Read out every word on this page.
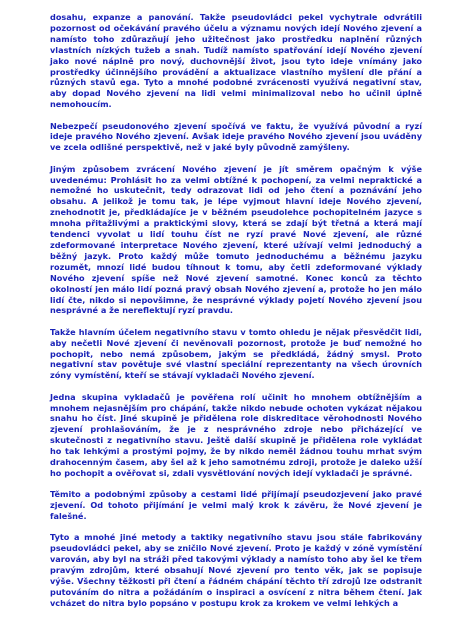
dosahu, expanze a panování. Takže pseudovládci pekel vychytrale odvrátili pozornost od očekávání pravého účelu a významu nových idejí Nového zjevení a namísto toho zdůrazňují jeho užitečnost jako prostředku naplnění různých vlastních nízkých tužeb a snah. Tudíž namísto spatřování idejí Nového zjevení jako nové náplně pro nový, duchovnější život, jsou tyto ideje vnímány jako prostředky účinnějšího provádění a aktualizace vlastního myšlení dle přání a různých stavů ega. Tyto a mnohé podobné zvrácenosti využívá negativní stav, aby dopad Nového zjevení na lidi velmi minimalizoval nebo ho učinil úplně nemohoucím.

Nebezpečí pseudonového zjevení spočívá ve faktu, že využívá původní a ryzí ideje pravého Nového zjevení. Avšak ideje pravého Nového zjevení jsou uváděny ve zcela odlišné perspektivě, než v jaké byly původně zamýšleny.

Jiným způsobem zvrácení Nového zjevení je jít směrem opačným k výše uvedenému: Prohlásit ho za velmi obtížné k pochopení, za velmi nepraktické a nemožné ho uskutečnit, tedy odrazovat lidi od jeho čtení a poznávání jeho obsahu. A jelikož je tomu tak, je lépe vyjmout hlavní ideje Nového zjevení, znehodnotit je, předkládajíce je v běžném pseudolehce pochopitelném jazyce s mnoha přitažlivými a praktickými slovy, která se zdají být třetná a která mají tendenci vyvolat u lidí touhu číst ne ryzí pravé Nové zjevení, ale různé zdeformované interpretace Nového zjevení, které užívají velmi jednoduchý a běžný jazyk. Proto každý může tomuto jednoduchému a běžnému jazyku rozumět, mnozí lidé budou tíhnout k tomu, aby četli zdeformované výklady Nového zjevení spíše než Nové zjevení samotné. Konec konců za těchto okolností jen málo lidí pozná pravý obsah Nového zjevení a, protože ho jen málo lidí čte, nikdo si nepovšimne, že nesprávné výklady pojetí Nového zjevení jsou nesprávné a že nereflektují ryzí pravdu.

Takže hlavním účelem negativního stavu v tomto ohledu je nějak přesvědčit lidi, aby nečetli Nové zjevení či nevěnovali pozornost, protože je buď nemožné ho pochopit, nebo nemá způsobem, jakým se předkládá, žádný smysl. Proto negativní stav povětuje své vlastní speciální reprezentanty na všech úrovních zóny vymístění, kteří se stávají vykladači Nového zjevení.

Jedna skupina vykladačů je pověřena rolí učinit ho mnohem obtížnějším a mnohem nejasnějším pro chápání, takže nikdo nebude ochoten vykázat nějakou snahu ho číst. Jiné skupině je přidělena role diskreditace věrohodnosti Nového zjevení prohlašováním, že je z nesprávného zdroje nebo přicházející ve skutečnosti z negativního stavu. Ještě další skupině je přidělena role vykládat ho tak lehkými a prostými pojmy, že by nikdo neměl žádnou touhu mrhat svým drahocenným časem, aby šel až k jeho samotnému zdroji, protože je daleko užší ho pochopit a ověřovat si, zdali vysvětlování nových idejí vykladači je správné.

Těmito a podobnými způsoby a cestami lidé přijímají pseudozjevení jako pravé zjevení. Od tohoto přijímání je velmi malý krok k závěru, že Nové zjevení je falešné.

Tyto a mnohé jiné metody a taktiky negativního stavu jsou stále fabrikovány pseudovládci pekel, aby se zničilo Nové zjevení. Proto je každý v zóně vymístění varován, aby byl na stráži před takovými výklady a namísto toho aby šel ke třem pravým zdrojům, které obsahují Nové zjevení pro tento věk, jak se popisuje výše. Všechny těžkosti při čtení a řádném chápání těchto tří zdrojů lze odstranit putováním do nitra a požádáním o inspiraci a osvícení z nitra během čtení. Jak vcházet do nitra bylo popsáno v postupu krok za krokem ve velmi lehkých a
